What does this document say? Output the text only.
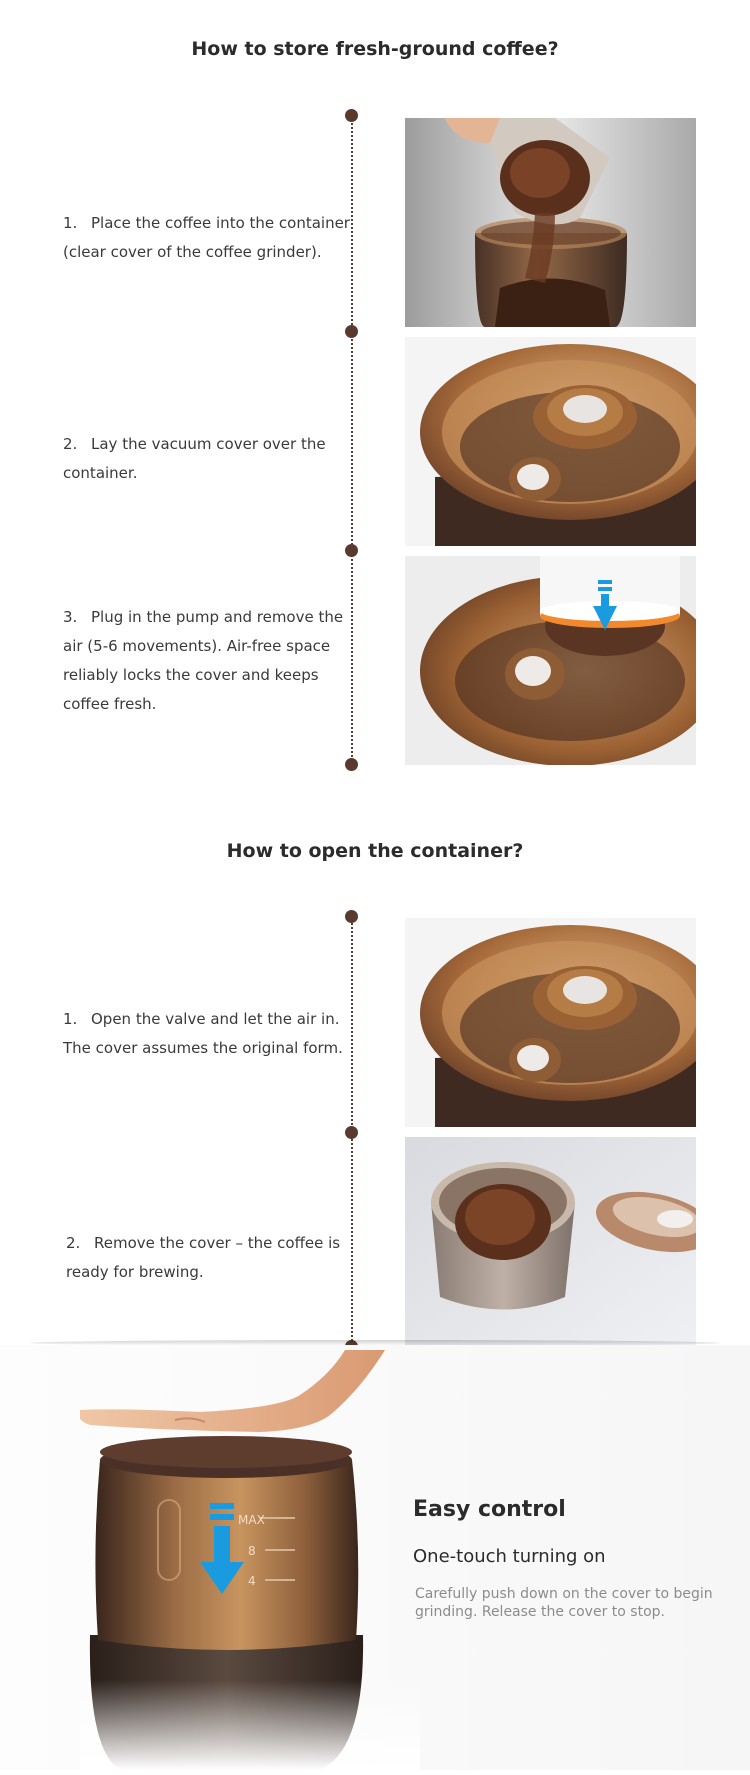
How to store fresh-ground coffee?
1. Place the coffee into the container (clear cover of the coffee grinder).
2. Lay the vacuum cover over the container.
3. Plug in the pump and remove the air (5-6 movements). Air-free space reliably locks the cover and keeps coffee fresh.
How to open the container?
1. Open the valve and let the air in. The cover assumes the original form.
2. Remove the cover – the coffee is ready for brewing.
MAX
8
4
Easy control
One-touch turning on
Carefully push down on the cover to begin grinding. Release the cover to stop.
